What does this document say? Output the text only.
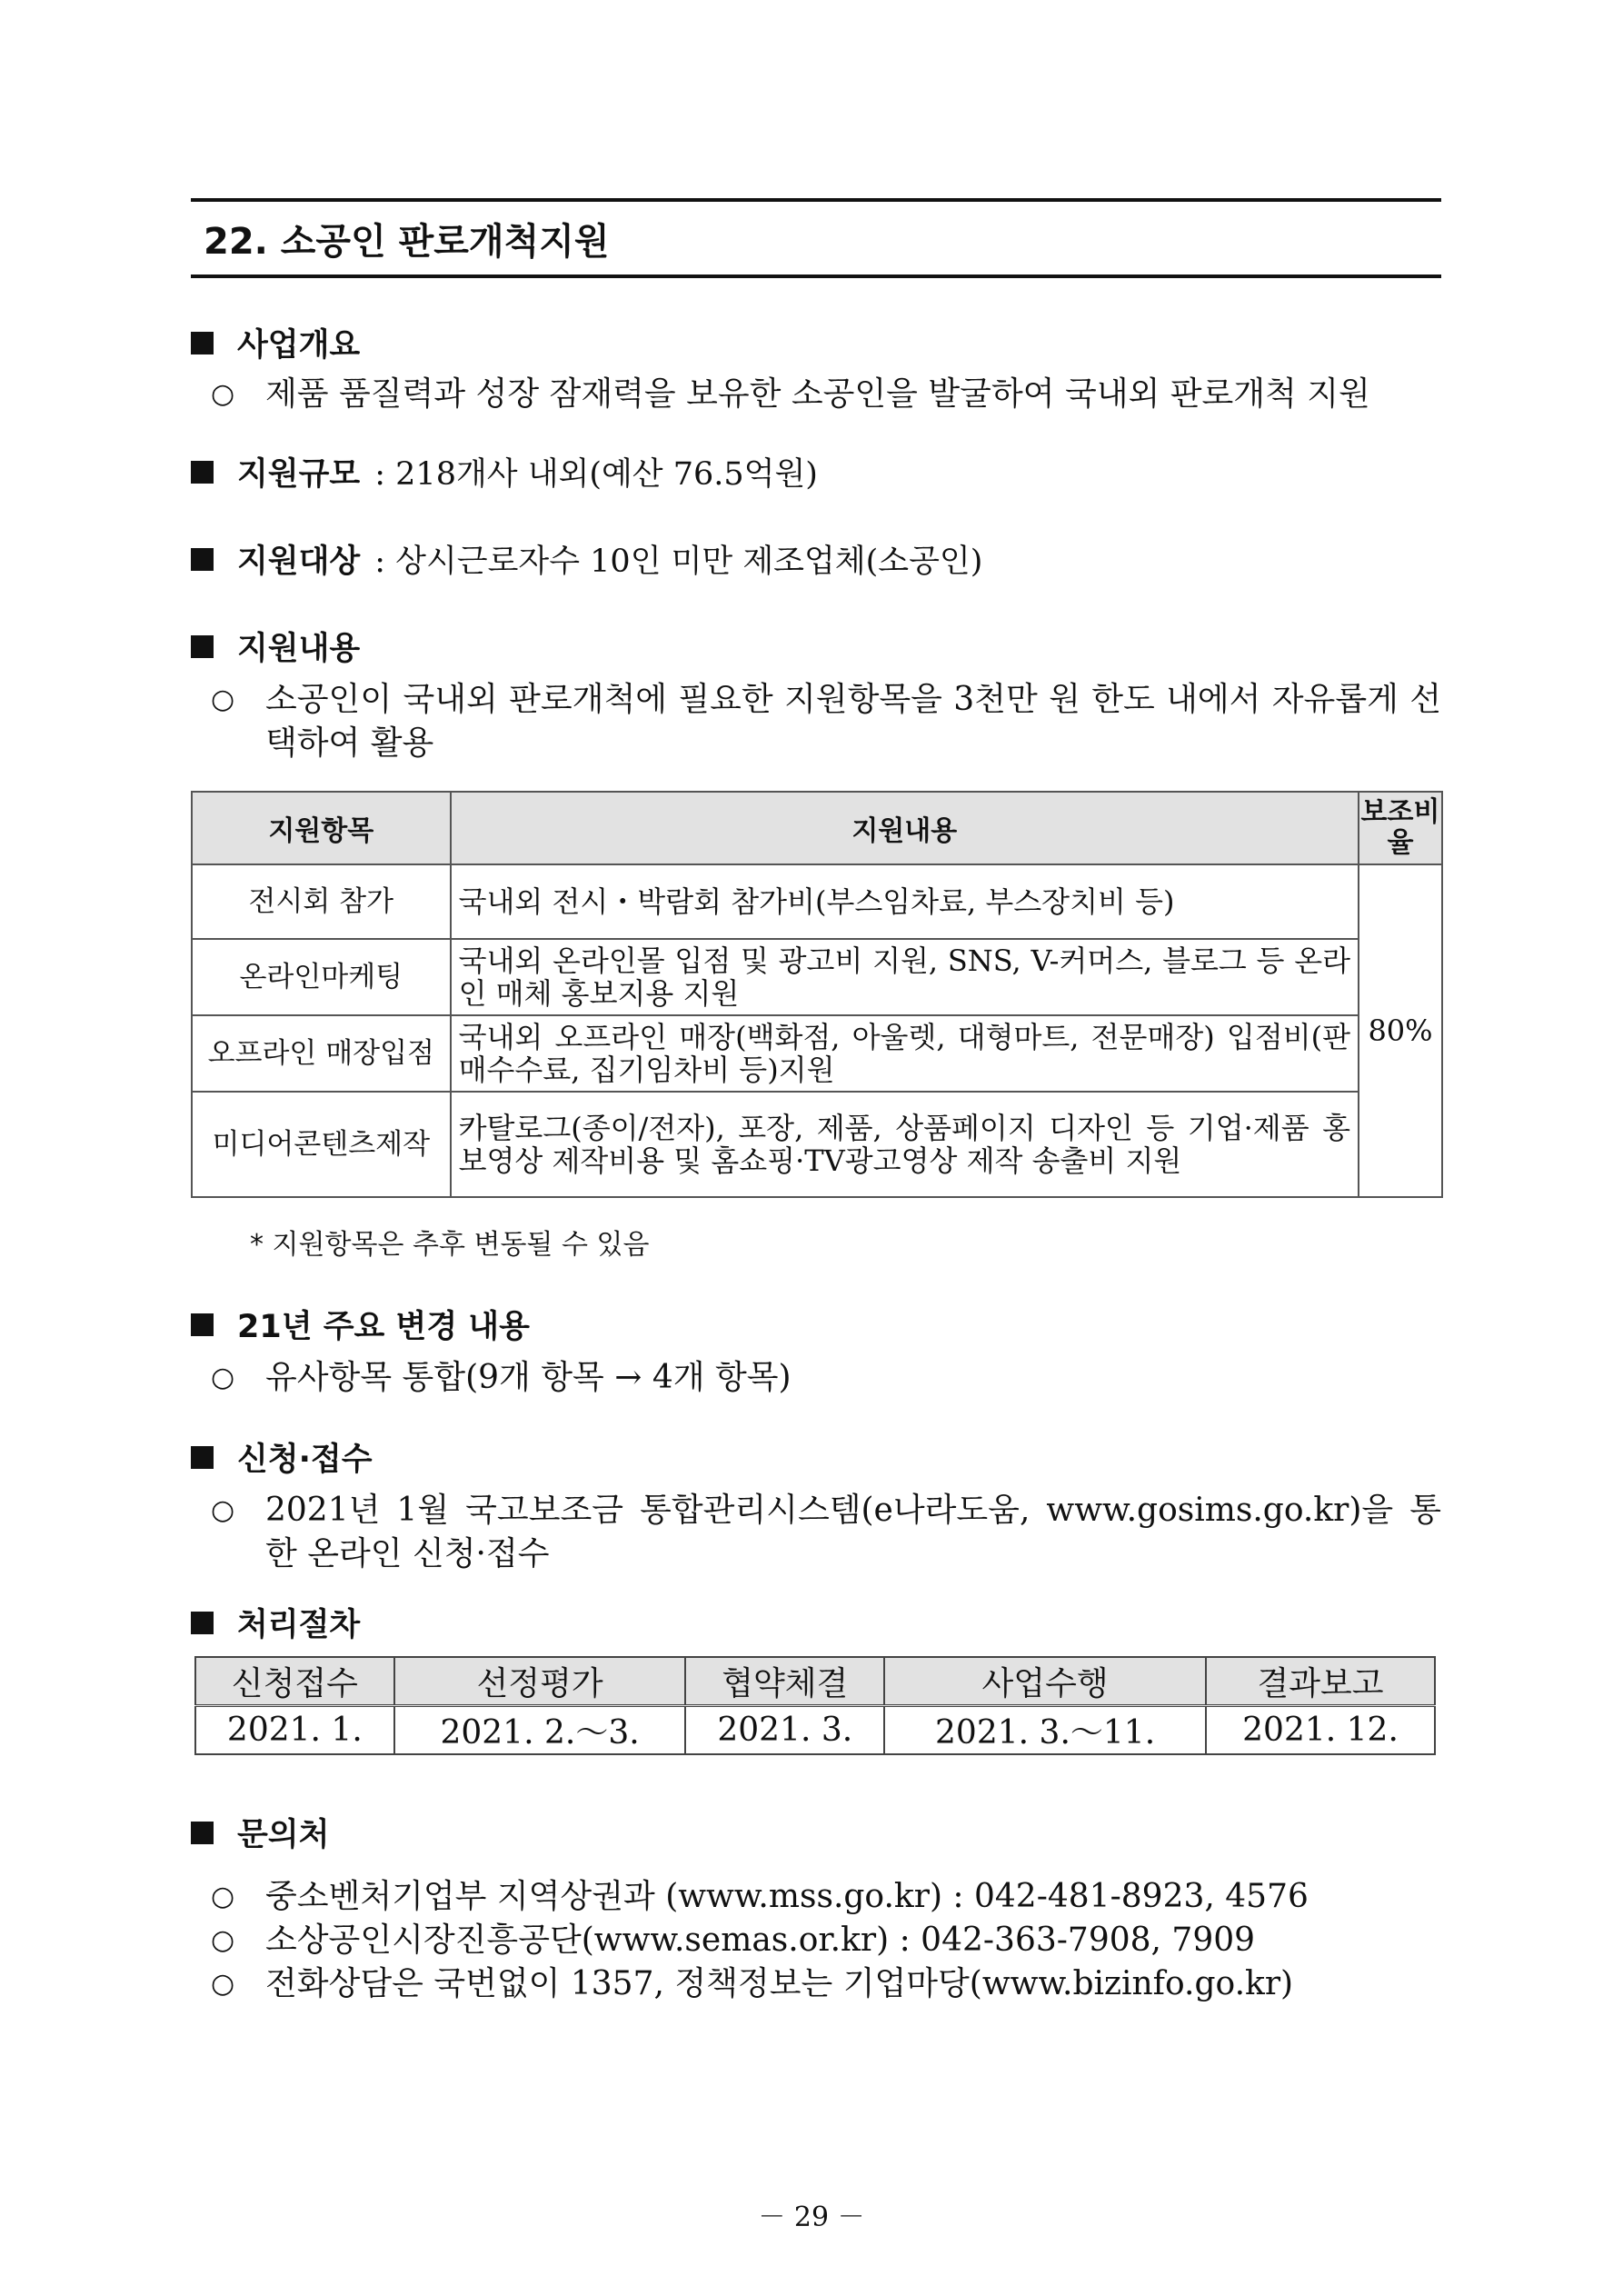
22. 소공인 판로개척지원
사업개요
○ 제품 품질력과 성장 잠재력을 보유한 소공인을 발굴하여 국내외 판로개척 지원
지원규모 : 218개사 내외(예산 76.5억원)
지원대상 : 상시근로자수 10인 미만 제조업체(소공인)
지원내용
○ 소공인이 국내외 판로개척에 필요한 지원항목을 3천만 원 한도 내에서 자유롭게 선택하여 활용
지원항목	지원내용	보조비율
전시회 참가	국내외 전시・박람회 참가비(부스임차료, 부스장치비 등)	80%
온라인마케팅	국내외 온라인몰 입점 및 광고비 지원, SNS, V-커머스, 블로그 등 온라인 매체 홍보지용 지원	
오프라인 매장입점	국내외 오프라인 매장(백화점, 아울렛, 대형마트, 전문매장) 입점비(판매수수료, 집기임차비 등)지원	
미디어콘텐츠제작	카탈로그(종이/전자), 포장, 제품, 상품페이지 디자인 등 기업·제품 홍보영상 제작비용 및 홈쇼핑·TV광고영상 제작 송출비 지원	
* 지원항목은 추후 변동될 수 있음
21년 주요 변경 내용
○ 유사항목 통합(9개 항목 → 4개 항목)
신청·접수
○ 2021년 1월 국고보조금 통합관리시스템(e나라도움, www.gosims.go.kr)을 통한 온라인 신청·접수
처리절차
신청접수	선정평가	협약체결	사업수행	결과보고
2021. 1.	2021. 2.～3.	2021. 3.	2021. 3.～11.	2021. 12.
문의처
○ 중소벤처기업부 지역상권과 (www.mss.go.kr) : 042-481-8923, 4576
○ 소상공인시장진흥공단(www.semas.or.kr) : 042-363-7908, 7909
○ 전화상담은 국번없이 1357, 정책정보는 기업마당(www.bizinfo.go.kr)
－ 29 －
